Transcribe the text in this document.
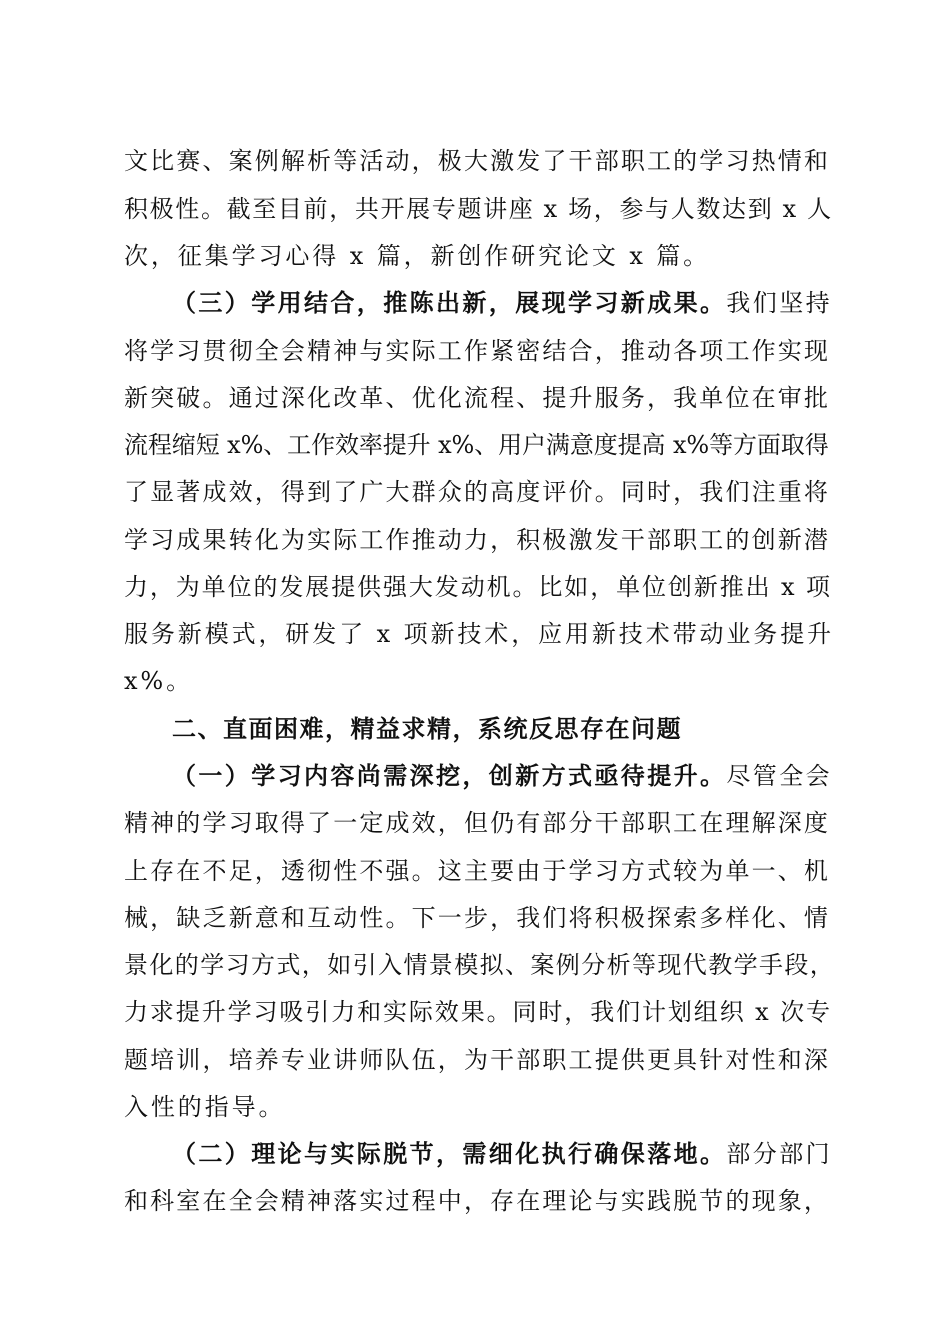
文比赛、案例解析等活动，极大激发了干部职工的学习热情和
积极性。截至目前，共开展专题讲座 x 场，参与人数达到 x 人
次，征集学习心得 x 篇，新创作研究论文 x 篇。
（三）学用结合，推陈出新，展现学习新成果。我们坚持
将学习贯彻全会精神与实际工作紧密结合，推动各项工作实现
新突破。通过深化改革、优化流程、提升服务，我单位在审批
流程缩短 x%、工作效率提升 x%、用户满意度提高 x%等方面取得
了显著成效，得到了广大群众的高度评价。同时，我们注重将
学习成果转化为实际工作推动力，积极激发干部职工的创新潜
力，为单位的发展提供强大发动机。比如，单位创新推出 x 项
服务新模式，研发了 x 项新技术，应用新技术带动业务提升
x%。
二、直面困难，精益求精，系统反思存在问题
（一）学习内容尚需深挖，创新方式亟待提升。尽管全会
精神的学习取得了一定成效，但仍有部分干部职工在理解深度
上存在不足，透彻性不强。这主要由于学习方式较为单一、机
械，缺乏新意和互动性。下一步，我们将积极探索多样化、情
景化的学习方式，如引入情景模拟、案例分析等现代教学手段，
力求提升学习吸引力和实际效果。同时，我们计划组织 x 次专
题培训，培养专业讲师队伍，为干部职工提供更具针对性和深
入性的指导。
（二）理论与实际脱节，需细化执行确保落地。部分部门
和科室在全会精神落实过程中，存在理论与实践脱节的现象，
